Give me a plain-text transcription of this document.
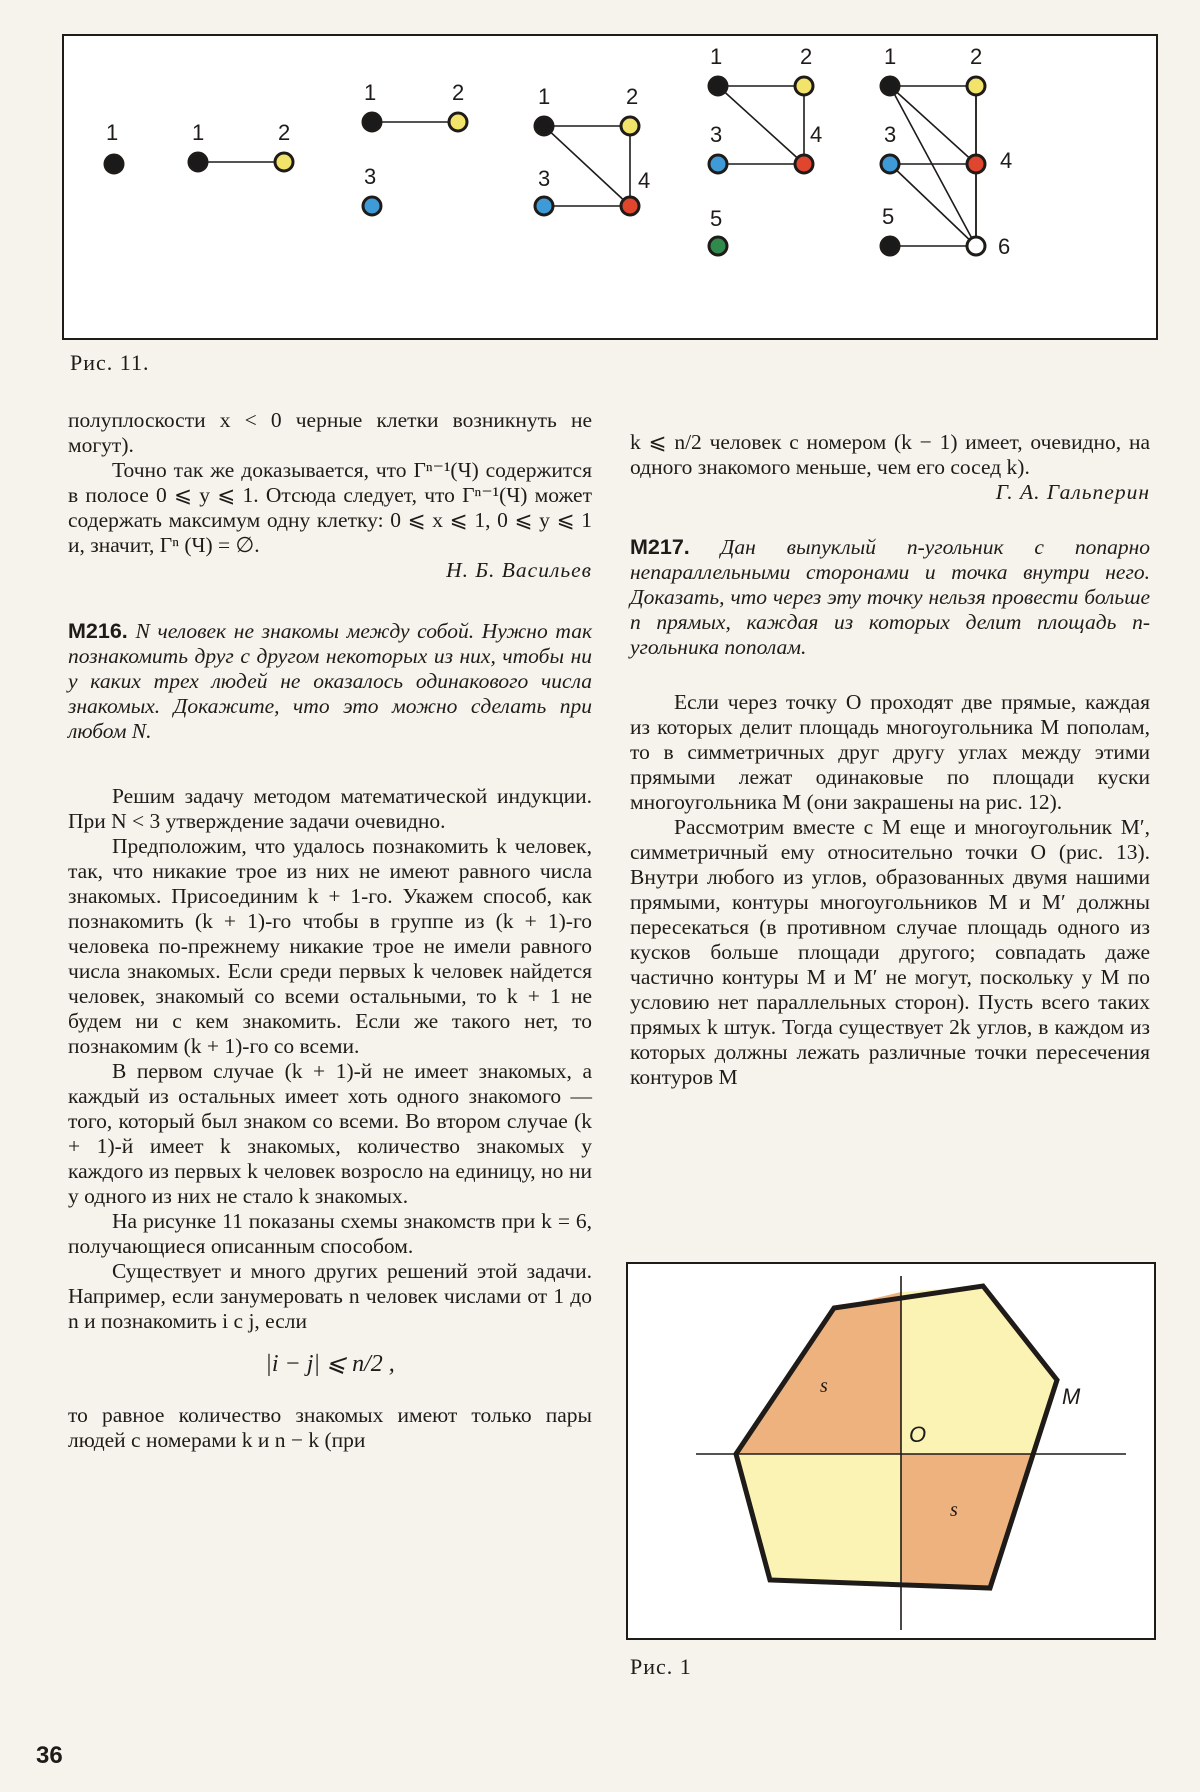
1	1	2
1	2
3
1	2
3	4
1	2
3	4
5
1	2
3
4
5
6
Рис. 11.

полуплоскости x < 0 черные клетки возникнуть не могут).

Точно так же доказывается, что Γⁿ⁻¹(Ч) содержится в полосе 0 ⩽ y ⩽ 1. Отсюда следует, что Γⁿ⁻¹(Ч) может содержать максимум одну клетку: 0 ⩽ x ⩽ 1, 0 ⩽ y ⩽ 1 и, значит, Γⁿ (Ч) = ∅.

Н. Б. Васильев

М216. N человек не знакомы между собой. Нужно так познакомить друг с другом некоторых из них, чтобы ни у каких трех людей не оказалось одинакового числа знакомых. Докажите, что это можно сделать при любом N.

Решим задачу методом математической индукции. При N < 3 утверждение задачи очевидно.

Предположим, что удалось познакомить k человек, так, что никакие трое из них не имеют равного числа знакомых. Присоединим k + 1-го. Укажем способ, как познакомить (k + 1)-го чтобы в группе из (k + 1)-го человека по-прежнему никакие трое не имели равного числа знакомых. Если среди первых k человек найдется человек, знакомый со всеми остальными, то k + 1 не будем ни с кем знакомить. Если же такого нет, то познакомим (k + 1)-го со всеми.

В первом случае (k + 1)-й не имеет знакомых, а каждый из остальных имеет хоть одного знакомого — того, который был знаком со всеми. Во втором случае (k + 1)-й имеет k знакомых, количество знакомых у каждого из первых k человек возросло на единицу, но ни у одного из них не стало k знакомых.

На рисунке 11 показаны схемы знакомств при k = 6, получающиеся описанным способом.

Существует и много других решений этой задачи. Например, если занумеровать n человек числами от 1 до n и познакомить i с j, если

|i − j| ⩽ n/2 ,

то равное количество знакомых имеют только пары людей с номерами k и n − k (при

k ⩽ n/2 человек с номером (k − 1) имеет, очевидно, на одного знакомого меньше, чем его сосед k).

Г. А. Гальперин

М217. Дан выпуклый n-угольник с попарно непараллельными сторонами и точка внутри него. Доказать, что через эту точку нельзя провести больше n прямых, каждая из которых делит площадь n-угольника пополам.

Если через точку O проходят две прямые, каждая из которых делит площадь многоугольника M пополам, то в симметричных друг другу углах между этими прямыми лежат одинаковые по площади куски многоугольника M (они закрашены на рис. 12).

Рассмотрим вместе с M еще и многоугольник M′, симметричный ему относительно точки O (рис. 13). Внутри любого из углов, образованных двумя нашими прямыми, контуры многоугольников M и M′ должны пересекаться (в противном случае площадь одного из кусков больше площади другого; совпадать даже частично контуры M и M′ не могут, поскольку у M по условию нет параллельных сторон). Пусть всего таких прямых k штук. Тогда существует 2k углов, в каждом из которых должны лежать различные точки пересечения контуров M

s
s
O
M
Рис. 1
36
